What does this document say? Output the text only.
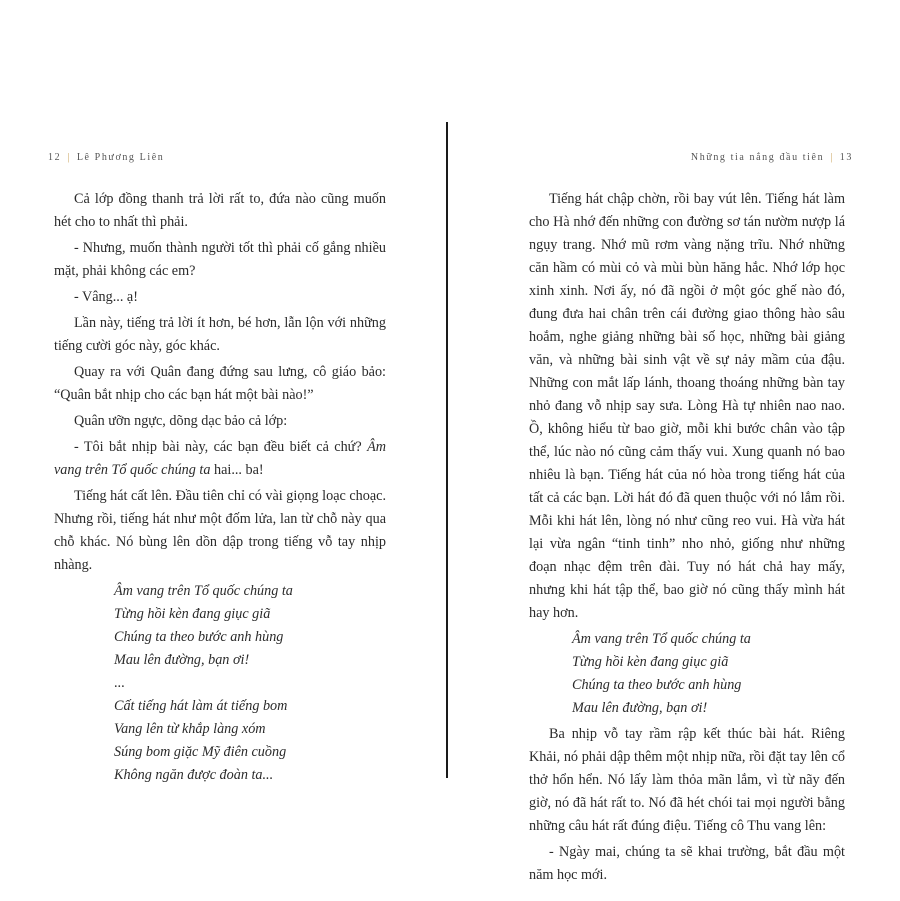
12 | Lê Phương Liên

Cả lớp đồng thanh trả lời rất to, đứa nào cũng muốn hét cho to nhất thì phải.

- Nhưng, muốn thành người tốt thì phải cố gắng nhiều mặt, phải không các em?

- Vâng... ạ!

Lần này, tiếng trả lời ít hơn, bé hơn, lẫn lộn với những tiếng cười góc này, góc khác.

Quay ra với Quân đang đứng sau lưng, cô giáo bảo: “Quân bắt nhịp cho các bạn hát một bài nào!”

Quân ưỡn ngực, dõng dạc bảo cả lớp:

- Tôi bắt nhịp bài này, các bạn đều biết cả chứ? Âm vang trên Tổ quốc chúng ta hai... ba!

Tiếng hát cất lên. Đầu tiên chỉ có vài giọng loạc choạc. Nhưng rồi, tiếng hát như một đốm lửa, lan từ chỗ này qua chỗ khác. Nó bùng lên dồn dập trong tiếng vỗ tay nhịp nhàng.

Âm vang trên Tổ quốc chúng ta
Từng hồi kèn đang giục giã
Chúng ta theo bước anh hùng
Mau lên đường, bạn ơi!
...
Cất tiếng hát làm át tiếng bom
Vang lên từ khắp làng xóm
Súng bom giặc Mỹ điên cuồng
Không ngăn được đoàn ta...
Những tia nắng đầu tiên | 13

Tiếng hát chập chờn, rồi bay vút lên. Tiếng hát làm cho Hà nhớ đến những con đường sơ tán nườm nượp lá ngụy trang. Nhớ mũ rơm vàng nặng trĩu. Nhớ những căn hầm có mùi cỏ và mùi bùn hăng hắc. Nhớ lớp học xinh xinh. Nơi ấy, nó đã ngồi ở một góc ghế nào đó, đung đưa hai chân trên cái đường giao thông hào sâu hoắm, nghe giảng những bài số học, những bài giảng văn, và những bài sinh vật về sự nảy mầm của đậu. Những con mắt lấp lánh, thoang thoáng những bàn tay nhỏ đang vỗ nhịp say sưa. Lòng Hà tự nhiên nao nao. Ồ, không hiểu từ bao giờ, mỗi khi bước chân vào tập thể, lúc nào nó cũng cảm thấy vui. Xung quanh nó bao nhiêu là bạn. Tiếng hát của nó hòa trong tiếng hát của tất cả các bạn. Lời hát đó đã quen thuộc với nó lắm rồi. Mỗi khi hát lên, lòng nó như cũng reo vui. Hà vừa hát lại vừa ngân “tinh tinh” nho nhỏ, giống như những đoạn nhạc đệm trên đài. Tuy nó hát chả hay mấy, nhưng khi hát tập thể, bao giờ nó cũng thấy mình hát hay hơn.

Âm vang trên Tổ quốc chúng ta
Từng hồi kèn đang giục giã
Chúng ta theo bước anh hùng
Mau lên đường, bạn ơi!

Ba nhịp vỗ tay rầm rập kết thúc bài hát. Riêng Khải, nó phải dập thêm một nhịp nữa, rồi đặt tay lên cổ thở hổn hển. Nó lấy làm thỏa mãn lắm, vì từ nãy đến giờ, nó đã hát rất to. Nó đã hét chói tai mọi người bằng những câu hát rất đúng điệu. Tiếng cô Thu vang lên:

- Ngày mai, chúng ta sẽ khai trường, bắt đầu một năm học mới.
